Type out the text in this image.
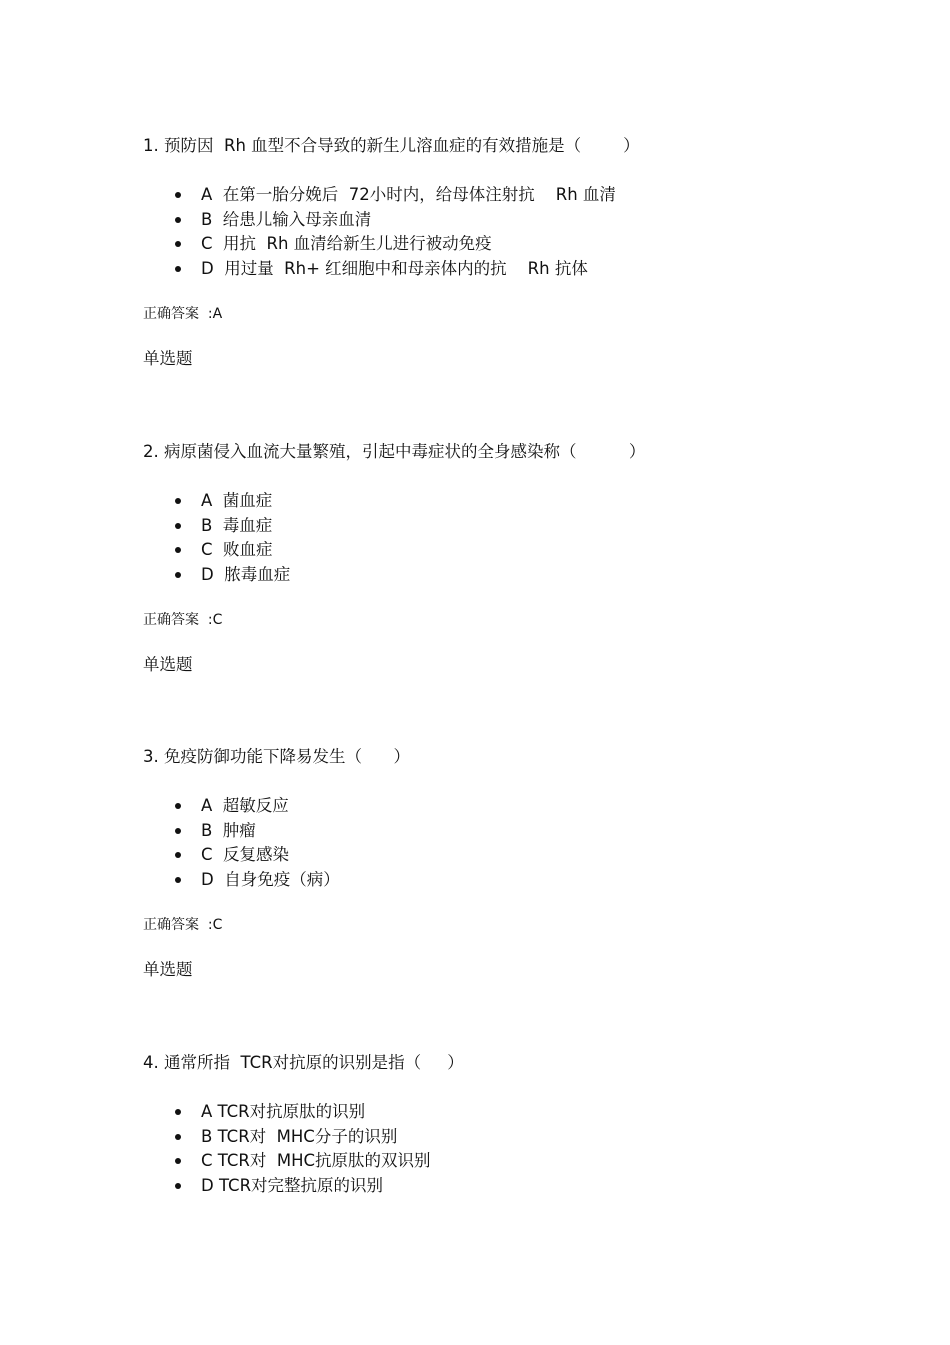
1. 预防因  Rh 血型不合导致的新生儿溶血症的有效措施是（        ）

A  在第一胎分娩后  72小时内，给母体注射抗    Rh 血清
B  给患儿输入母亲血清
C  用抗  Rh 血清给新生儿进行被动免疫
D  用过量  Rh+ 红细胞中和母亲体内的抗    Rh 抗体
正确答案  :A
单选题

2. 病原菌侵入血流大量繁殖，引起中毒症状的全身感染称（          ）

A  菌血症
B  毒血症
C  败血症
D  脓毒血症
正确答案  :C
单选题

3. 免疫防御功能下降易发生（      ）

A  超敏反应
B  肿瘤
C  反复感染
D  自身免疫（病）
正确答案  :C
单选题

4. 通常所指  TCR对抗原的识别是指（     ）

A TCR对抗原肽的识别
B TCR对  MHC分子的识别
C TCR对  MHC抗原肽的双识别
D TCR对完整抗原的识别
